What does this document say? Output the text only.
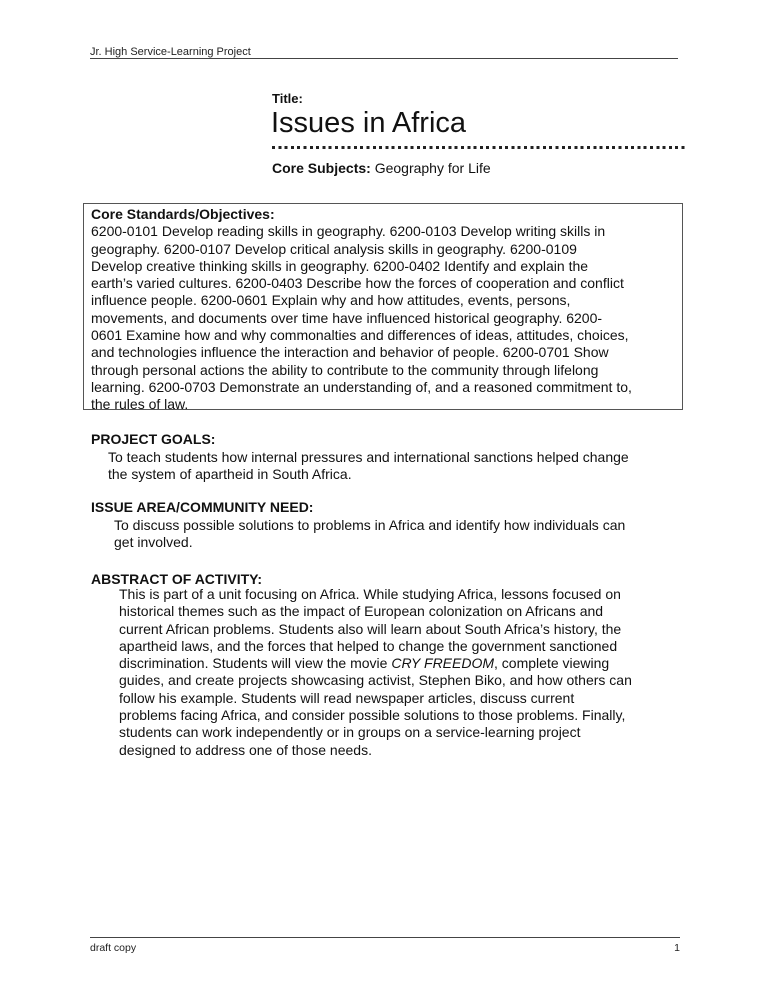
Jr. High Service-Learning Project
Title:
Issues in Africa
Core Subjects: Geography for Life
Core Standards/Objectives:
6200-0101 Develop reading skills in geography. 6200-0103 Develop writing skills in
geography. 6200-0107 Develop critical analysis skills in geography. 6200-0109
Develop creative thinking skills in geography. 6200-0402 Identify and explain the
earth’s varied cultures. 6200-0403 Describe how the forces of cooperation and conflict
influence people. 6200-0601 Explain why and how attitudes, events, persons,
movements, and documents over time have influenced historical geography. 6200-
0601 Examine how and why commonalties and differences of ideas, attitudes, choices,
and technologies influence the interaction and behavior of people. 6200-0701 Show
through personal actions the ability to contribute to the community through lifelong
learning. 6200-0703 Demonstrate an understanding of, and a reasoned commitment to,
the rules of law.
PROJECT GOALS:
To teach students how internal pressures and international sanctions helped change
the system of apartheid in South Africa.
ISSUE AREA/COMMUNITY NEED:
To discuss possible solutions to problems in Africa and identify how individuals can
get involved.
ABSTRACT OF ACTIVITY:
This is part of a unit focusing on Africa. While studying Africa, lessons focused on
historical themes such as the impact of European colonization on Africans and
current African problems. Students also will learn about South Africa’s history, the
apartheid laws, and the forces that helped to change the government sanctioned
discrimination. Students will view the movie CRY FREEDOM, complete viewing
guides, and create projects showcasing activist, Stephen Biko, and how others can
follow his example. Students will read newspaper articles, discuss current
problems facing Africa, and consider possible solutions to those problems. Finally,
students can work independently or in groups on a service-learning project
designed to address one of those needs.
draft copy	1
